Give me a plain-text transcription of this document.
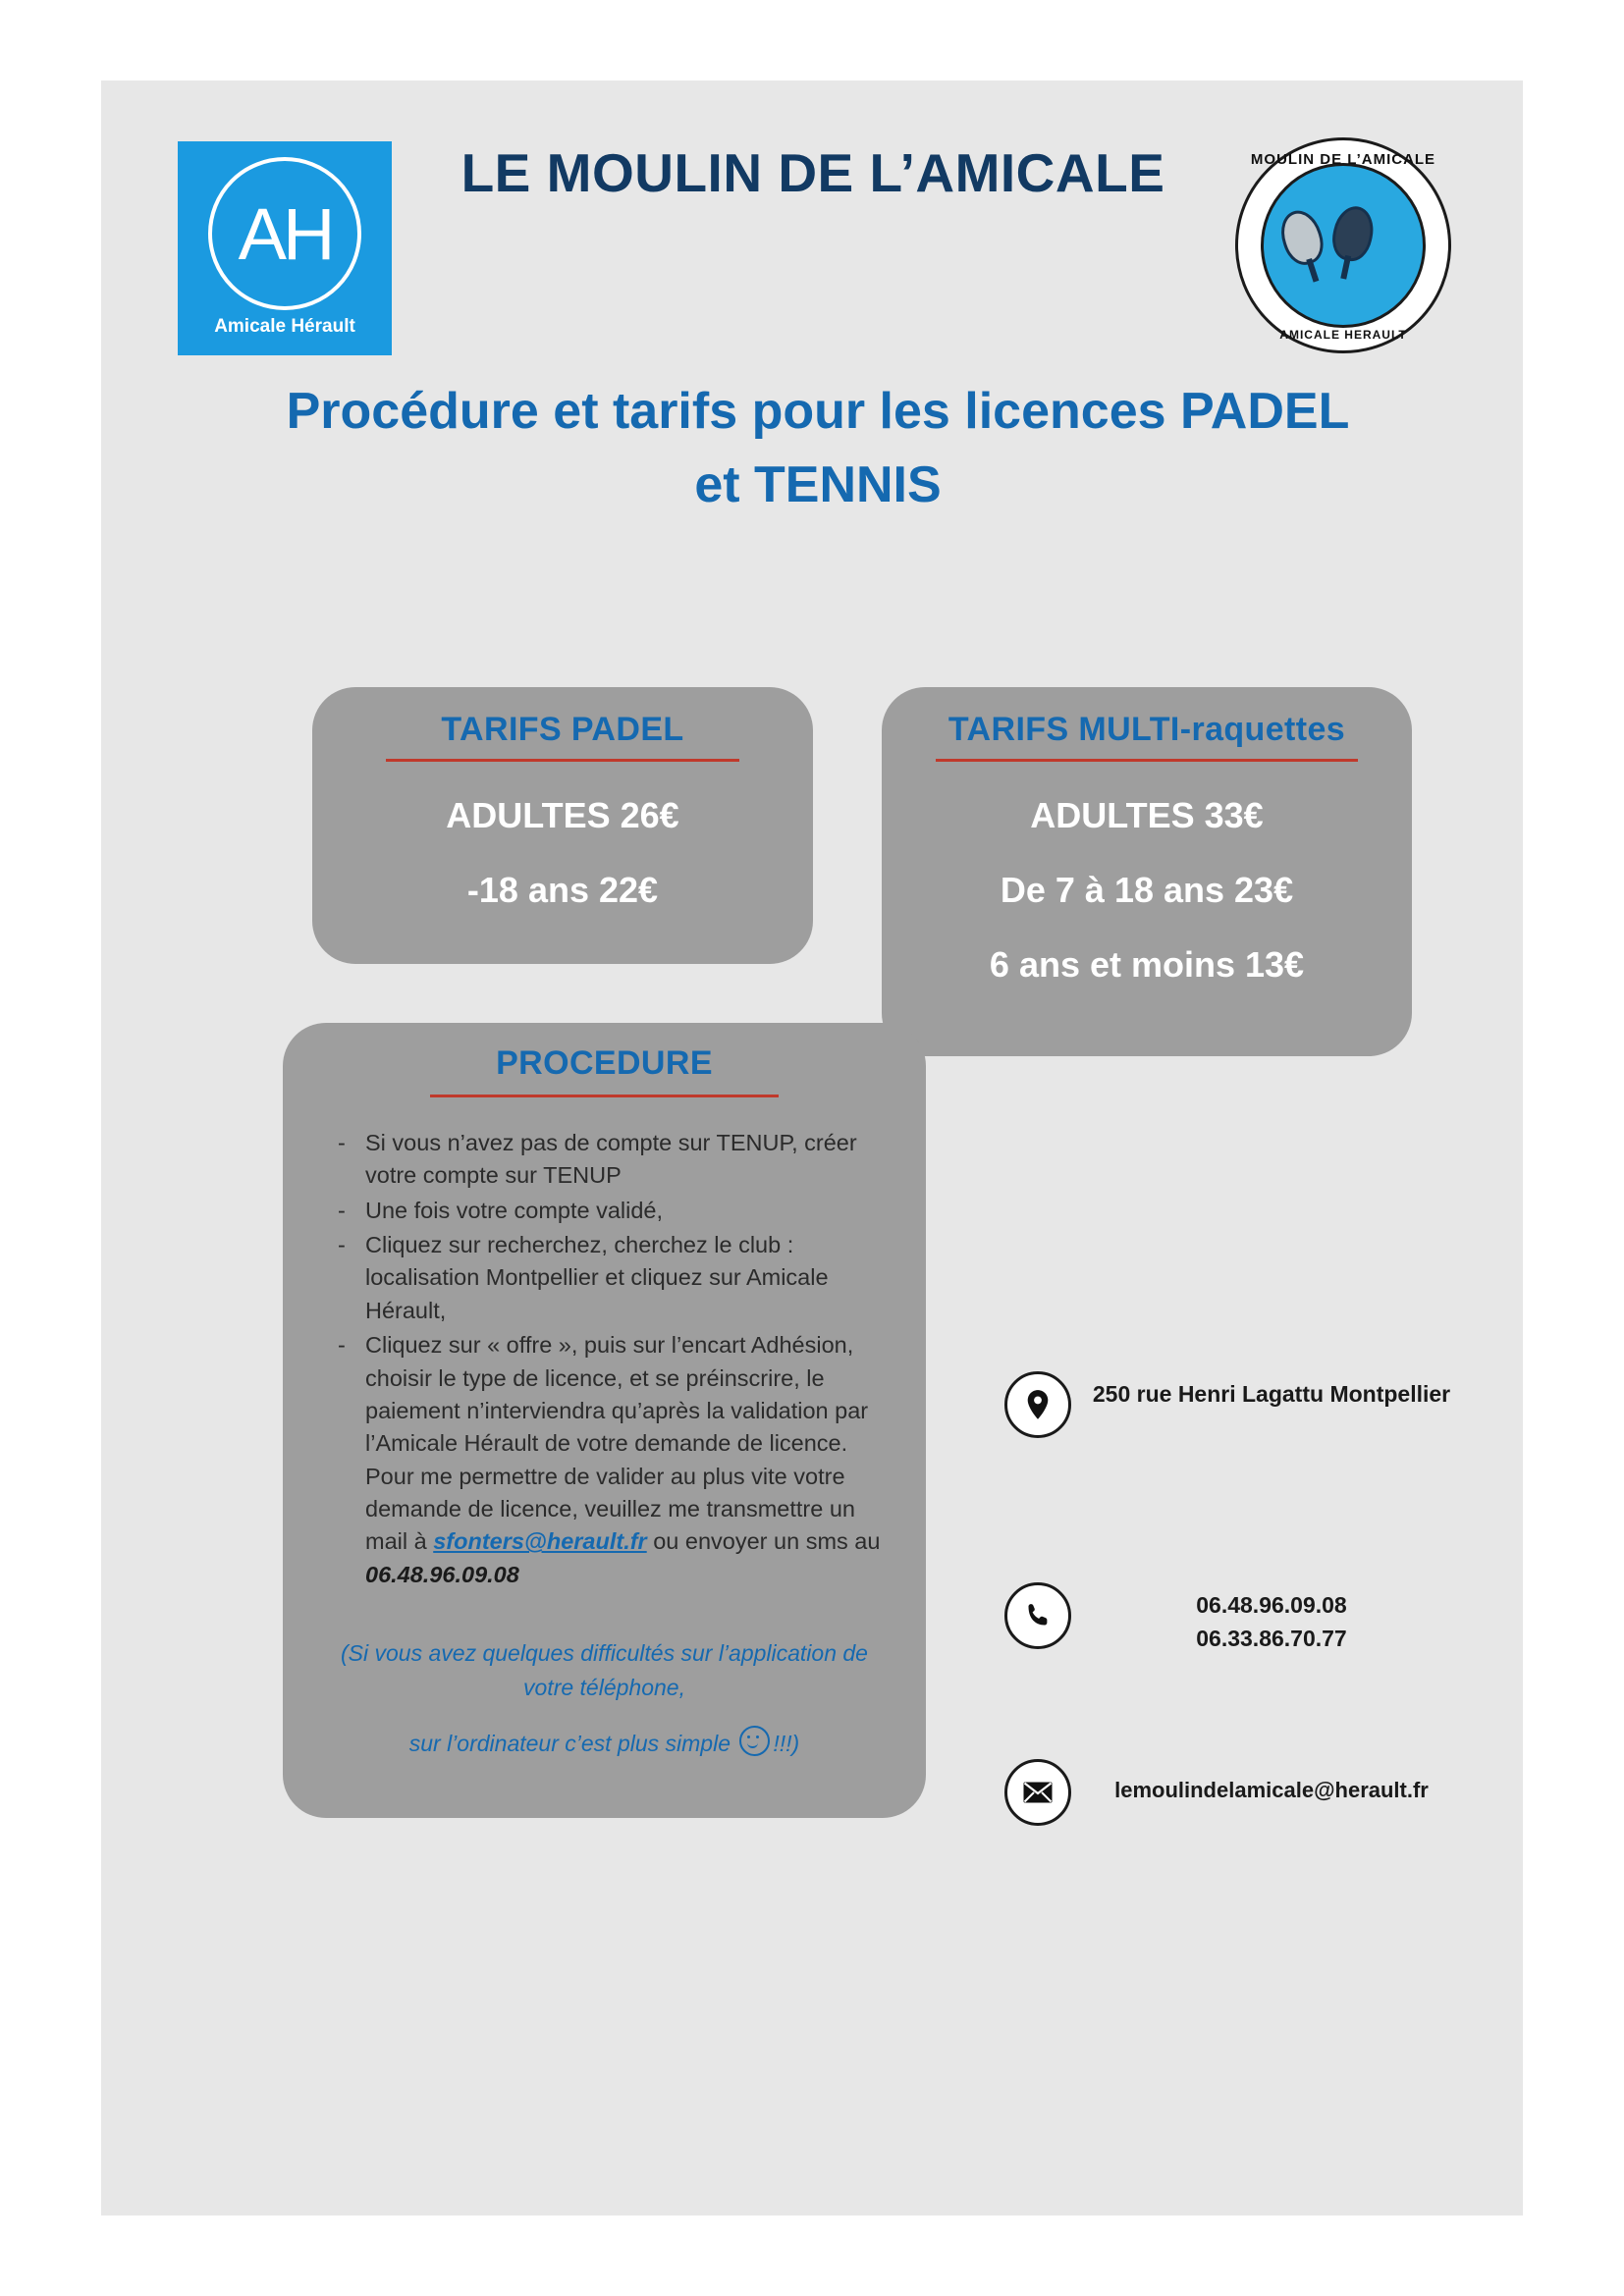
AH
Amicale Hérault
LE MOULIN DE L’AMICALE	MOULIN DE L’AMICALE
AMICALE HERAULT
Procédure et tarifs pour les licences PADEL et TENNIS
TARIFS PADEL
ADULTES 26€
-18 ans 22€
TARIFS MULTI-raquettes
ADULTES 33€
De 7 à 18 ans 23€
6 ans et moins 13€
PROCEDURE
- Si vous n’avez pas de compte sur TENUP, créer votre compte sur TENUP
- Une fois votre compte validé,
- Cliquez sur recherchez, cherchez le club : localisation Montpellier et cliquez sur Amicale Hérault,
- Cliquez sur « offre », puis sur l’encart Adhésion, choisir le type de licence, et se préinscrire, le paiement n’interviendra qu’après la validation par l’Amicale Hérault de votre demande de licence. Pour me permettre de valider au plus vite votre demande de licence, veuillez me transmettre un mail à sfonters@herault.fr ou envoyer un sms au 06.48.96.09.08
(Si vous avez quelques difficultés sur l’application de votre téléphone,
sur l’ordinateur c’est plus simple !!!)
250 rue Henri Lagattu Montpellier
06.48.96.09.08
06.33.86.70.77
lemoulindelamicale@herault.fr
